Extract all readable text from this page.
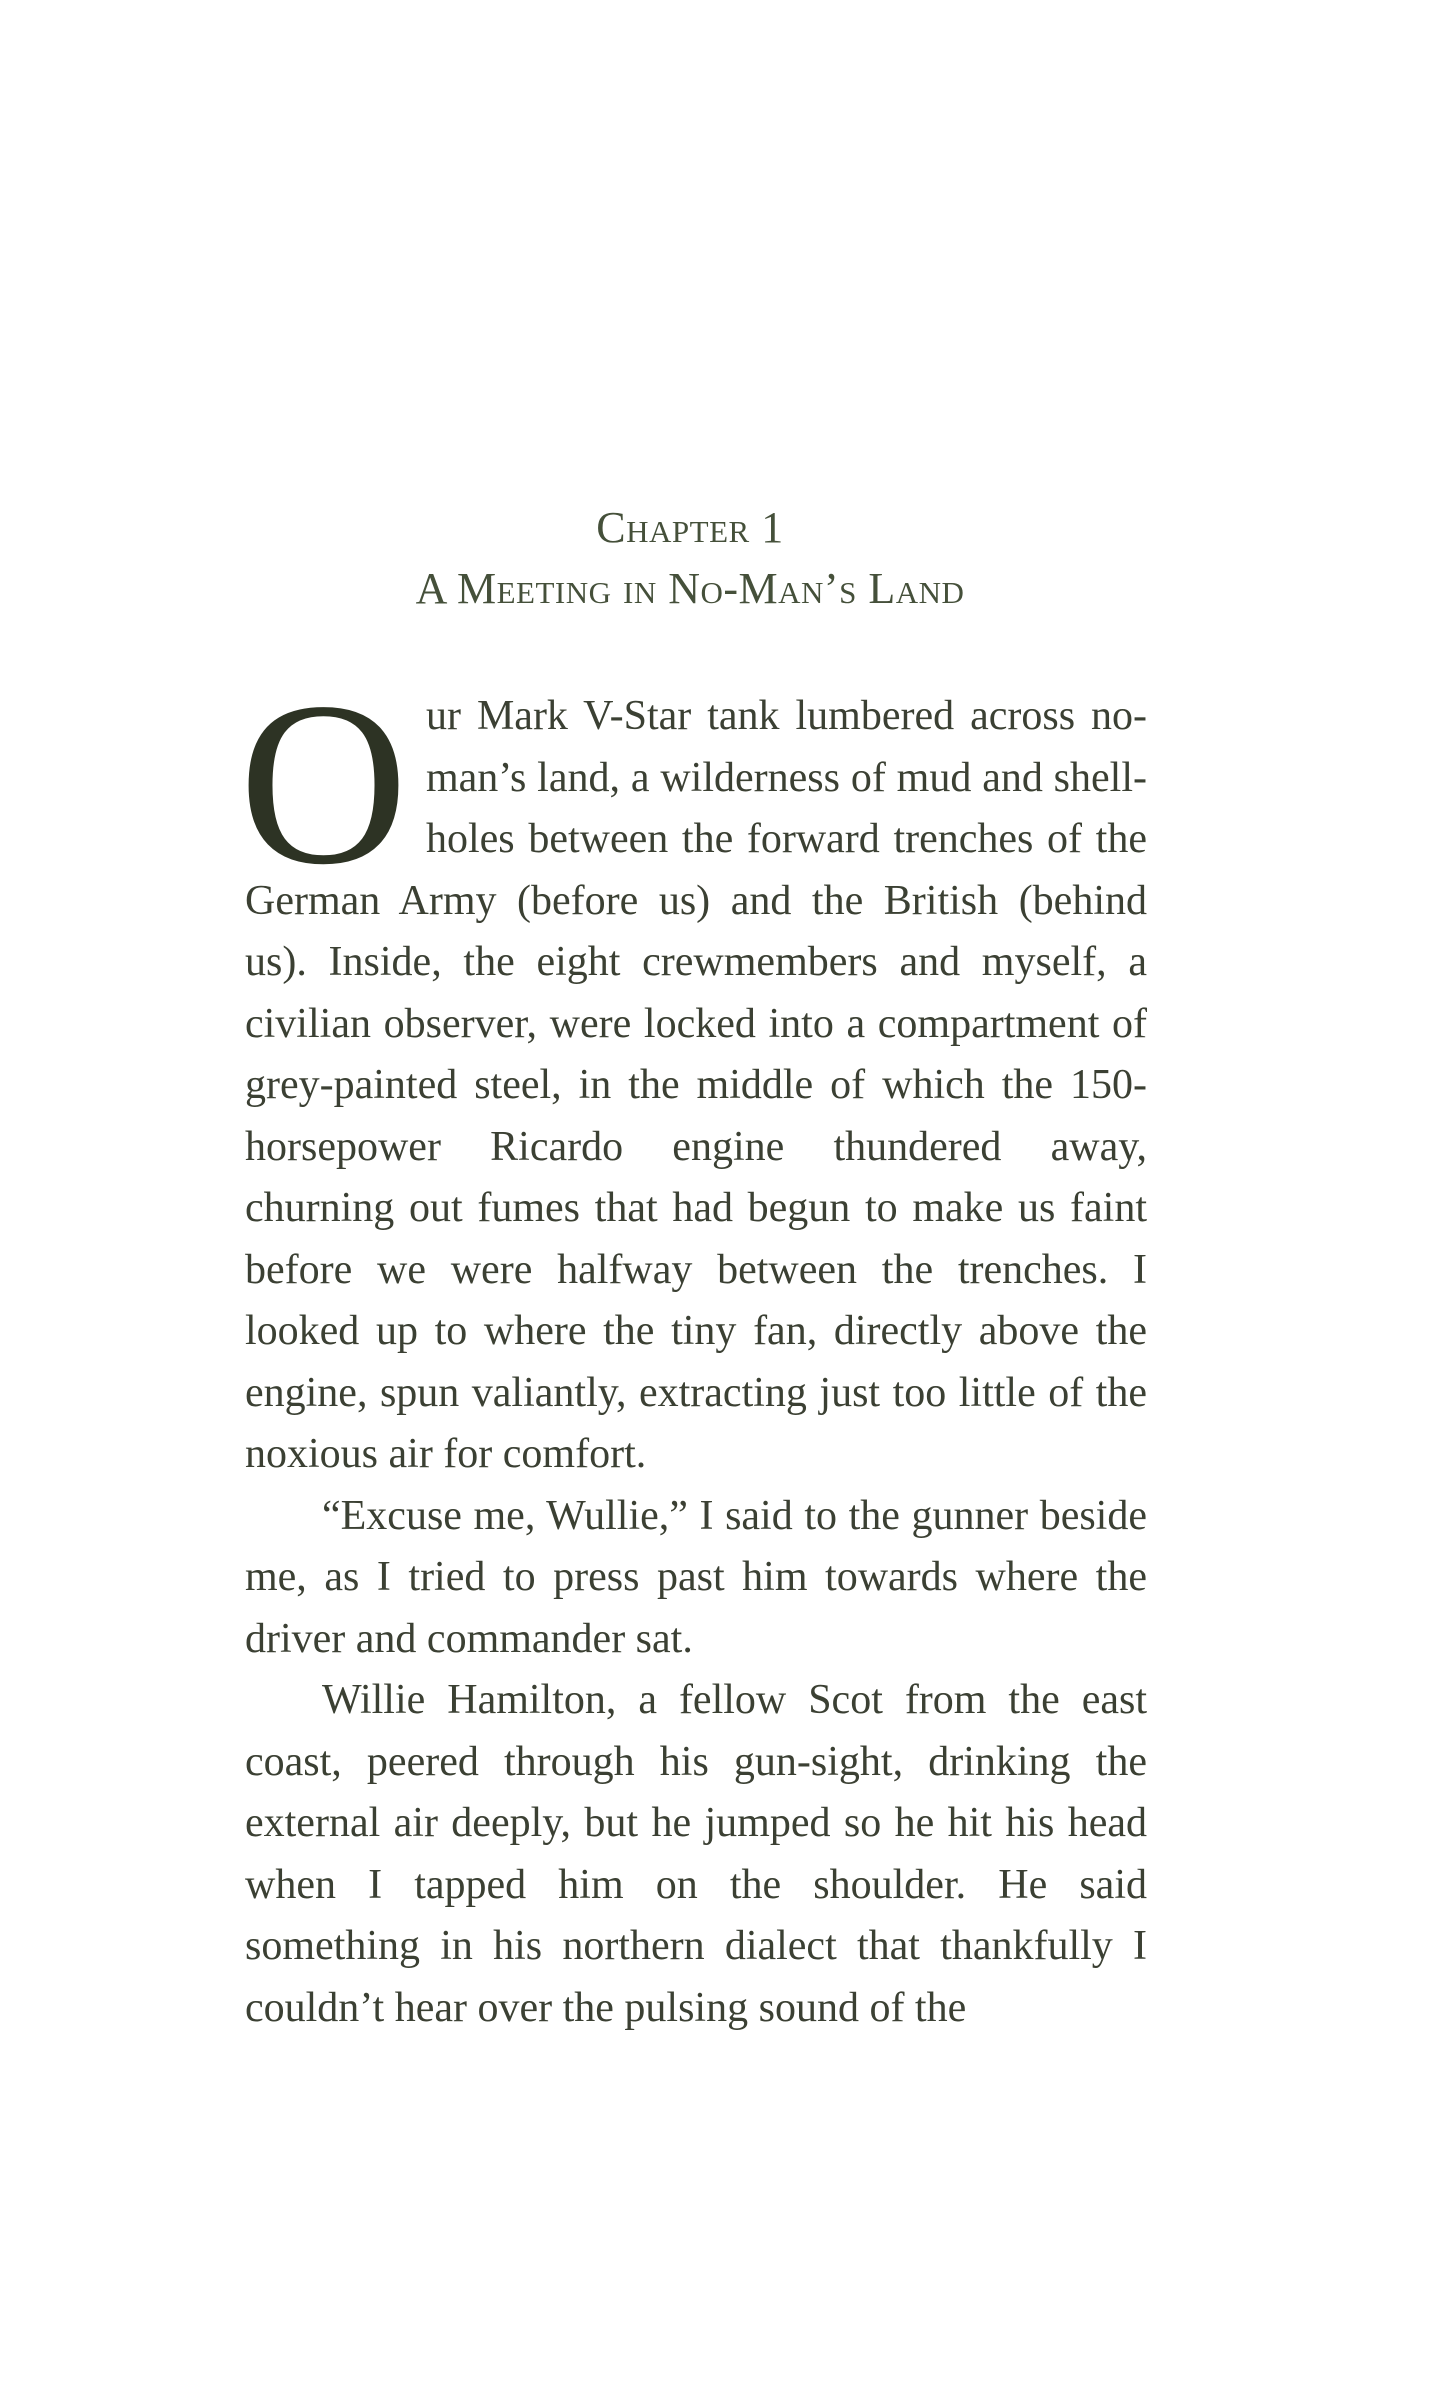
Chapter 1
A Meeting in No-Man’s Land

Our Mark V-Star tank lumbered across no-man’s land, a wilderness of mud and shell-holes between the forward trenches of the German Army (before us) and the British (behind us). Inside, the eight crewmembers and myself, a civilian observer, were locked into a compartment of grey-painted steel, in the middle of which the 150-horsepower Ricardo engine thundered away, churning out fumes that had begun to make us faint before we were halfway between the trenches. I looked up to where the tiny fan, directly above the engine, spun valiantly, extracting just too little of the noxious air for comfort.

“Excuse me, Wullie,” I said to the gunner beside me, as I tried to press past him towards where the driver and commander sat.

Willie Hamilton, a fellow Scot from the east coast, peered through his gun-sight, drinking the external air deeply, but he jumped so he hit his head when I tapped him on the shoulder. He said something in his northern dialect that thankfully I couldn’t hear over the pulsing sound of the
